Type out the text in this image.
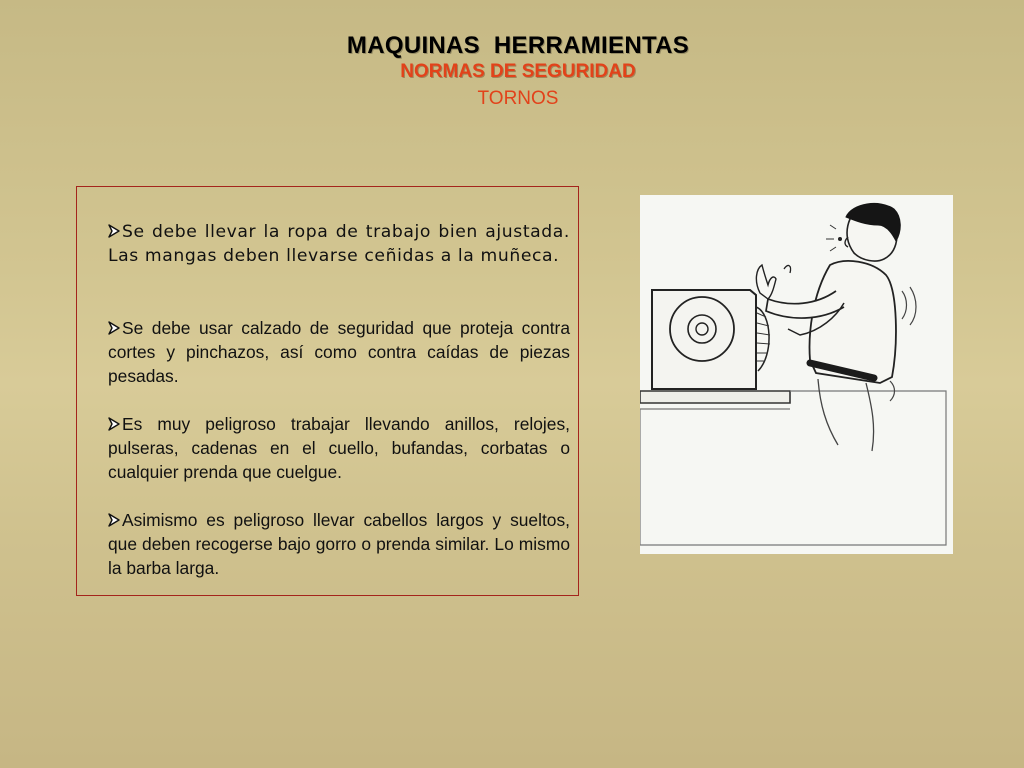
MAQUINAS  HERRAMIENTAS
NORMAS DE SEGURIDAD
TORNOS
Se debe llevar la ropa de trabajo bien ajustada. Las mangas deben llevarse ceñidas a la muñeca.
Se debe usar calzado de seguridad que proteja contra cortes y pinchazos, así como contra caídas de piezas pesadas.
Es muy peligroso trabajar llevando anillos, relojes, pulseras, cadenas en el cuello, bufandas, corbatas o cualquier prenda que cuelgue.
Asimismo es peligroso llevar cabellos largos y sueltos, que deben recogerse bajo gorro o prenda similar. Lo mismo la barba larga.
